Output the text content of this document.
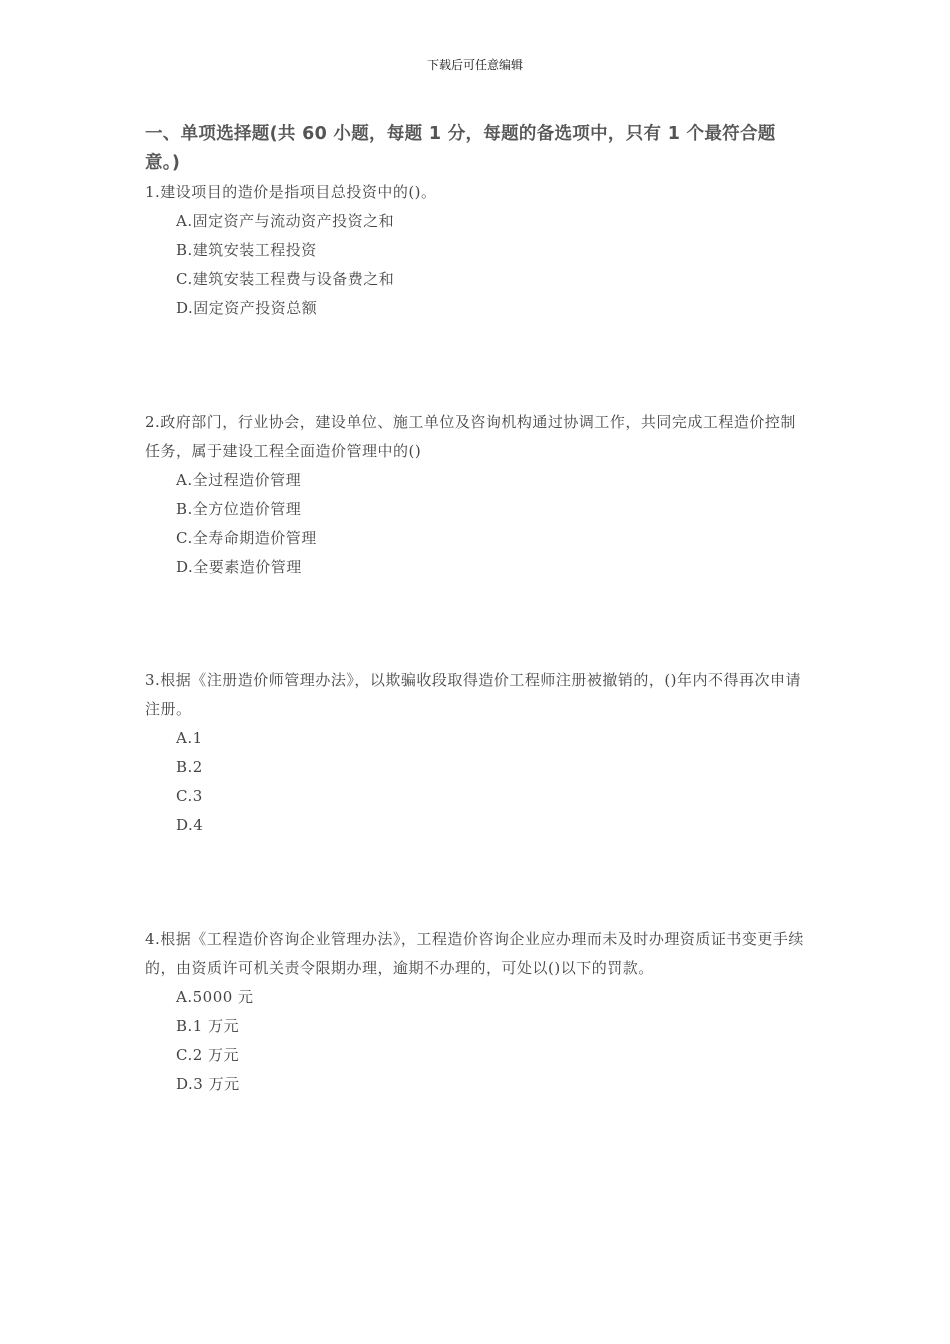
下载后可任意编辑
一、单项选择题(共 60 小题，每题 1 分，每题的备选项中，只有 1 个最符合题意。)

1.建设项目的造价是指项目总投资中的()。

A.固定资产与流动资产投资之和
B.建筑安装工程投资
C.建筑安装工程费与设备费之和
D.固定资产投资总额

2.政府部门，行业协会，建设单位、施工单位及咨询机构通过协调工作，共同完成工程造价控制任务，属于建设工程全面造价管理中的()

A.全过程造价管理
B.全方位造价管理
C.全寿命期造价管理
D.全要素造价管理

3.根据《注册造价师管理办法》，以欺骗收段取得造价工程师注册被撤销的，()年内不得再次申请注册。

A.1
B.2
C.3
D.4

4.根据《工程造价咨询企业管理办法》，工程造价咨询企业应办理而未及时办理资质证书变更手续的，由资质许可机关责令限期办理，逾期不办理的，可处以()以下的罚款。

A.5000 元
B.1 万元
C.2 万元
D.3 万元
